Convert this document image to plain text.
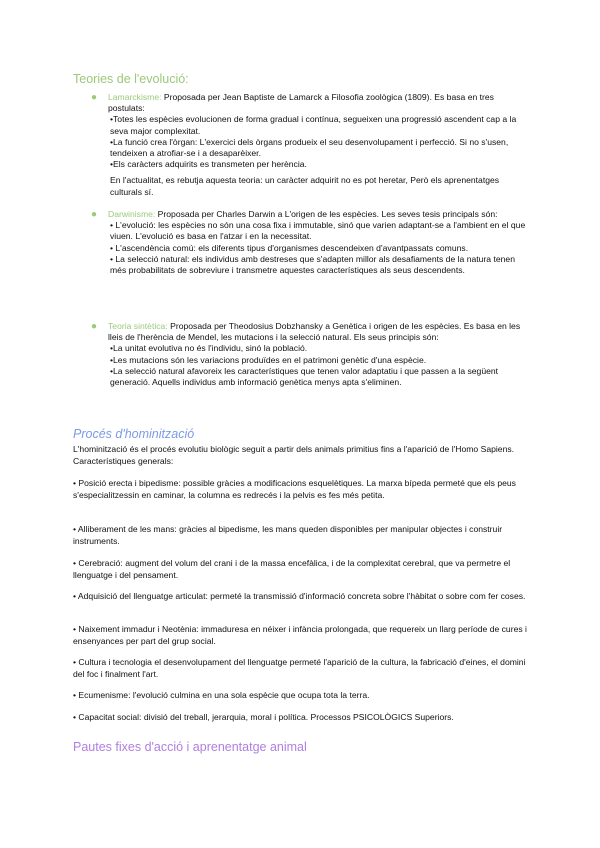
Teories de l'evolució:
● Lamarckisme: Proposada per Jean Baptiste de Lamarck a Filosofia zoològica (1809). Es basa en tres postulats:
•Totes les espècies evolucionen de forma gradual i contínua, segueixen una progressió ascendent cap a la seva major complexitat.
•La funció crea l'òrgan: L'exercici dels òrgans produeix el seu desenvolupament i perfecció. Si no s'usen, tendeixen a atrofiar-se i a desaparèixer.
•Els caràcters adquirits es transmeten per herència.
En l'actualitat, es rebutja aquesta teoria: un caràcter adquirit no es pot heretar, Però els aprenentatges culturals sí.
● Darwinisme: Proposada per Charles Darwin a L'origen de les espècies. Les seves tesis principals són:
• L'evolució: les espècies no són una cosa fixa i immutable, sinó que varien adaptant-se a l'ambient en el que viuen. L'evolució es basa en l'atzar i en la necessitat.
• L'ascendència comú: els diferents tipus d'organismes descendeixen d'avantpassats comuns.
• La selecció natural: els individus amb destreses que s'adapten millor als desafiaments de la natura tenen més probabilitats de sobreviure i transmetre aquestes característiques als seus descendents.
● Teoria sintètica: Proposada per Theodosius Dobzhansky a Genètica i origen de les espècies. Es basa en les lleis de l'herència de Mendel, les mutacions i la selecció natural. Els seus principis són:
•La unitat evolutiva no és l'individu, sinó la població.
•Les mutacions són les variacions produïdes en el patrimoni genètic d'una espècie.
•La selecció natural afavoreix les característiques que tenen valor adaptatiu i que passen a la següent generació. Aquells individus amb informació genètica menys apta s'eliminen.
Procés d'hominització
L'hominització és el procés evolutiu biològic seguit a partir dels animals primitius fins a l'aparició de l'Homo Sapiens. Característiques generals:
• Posició erecta i bipedisme: possible gràcies a modificacions esquelètiques. La marxa bípeda permeté que els peus s'especialitzessin en caminar, la columna es redrecés i la pelvis es fes més petita.
• Alliberament de les mans: gràcies al bipedisme, les mans queden disponibles per manipular objectes i construir instruments.
• Cerebració: augment del volum del crani i de la massa encefàlica, i de la complexitat cerebral, que va permetre el llenguatge i del pensament.
• Adquisició del llenguatge articulat: permeté la transmissió d'informació concreta sobre l'hàbitat o sobre com fer coses.
• Naixement immadur i Neotènia: immaduresa en néixer i infància prolongada, que requereix un llarg període de cures i ensenyances per part del grup social.
• Cultura i tecnologia el desenvolupament del llenguatge permeté l'aparició de la cultura, la fabricació d'eines, el domini del foc i finalment l'art.
• Ecumenisme: l'evolució culmina en una sola espècie que ocupa tota la terra.
• Capacitat social: divisió del treball, jerarquia, moral i política. Processos PSICOLÒGICS Superiors.
Pautes fixes d'acció i aprenentatge animal
